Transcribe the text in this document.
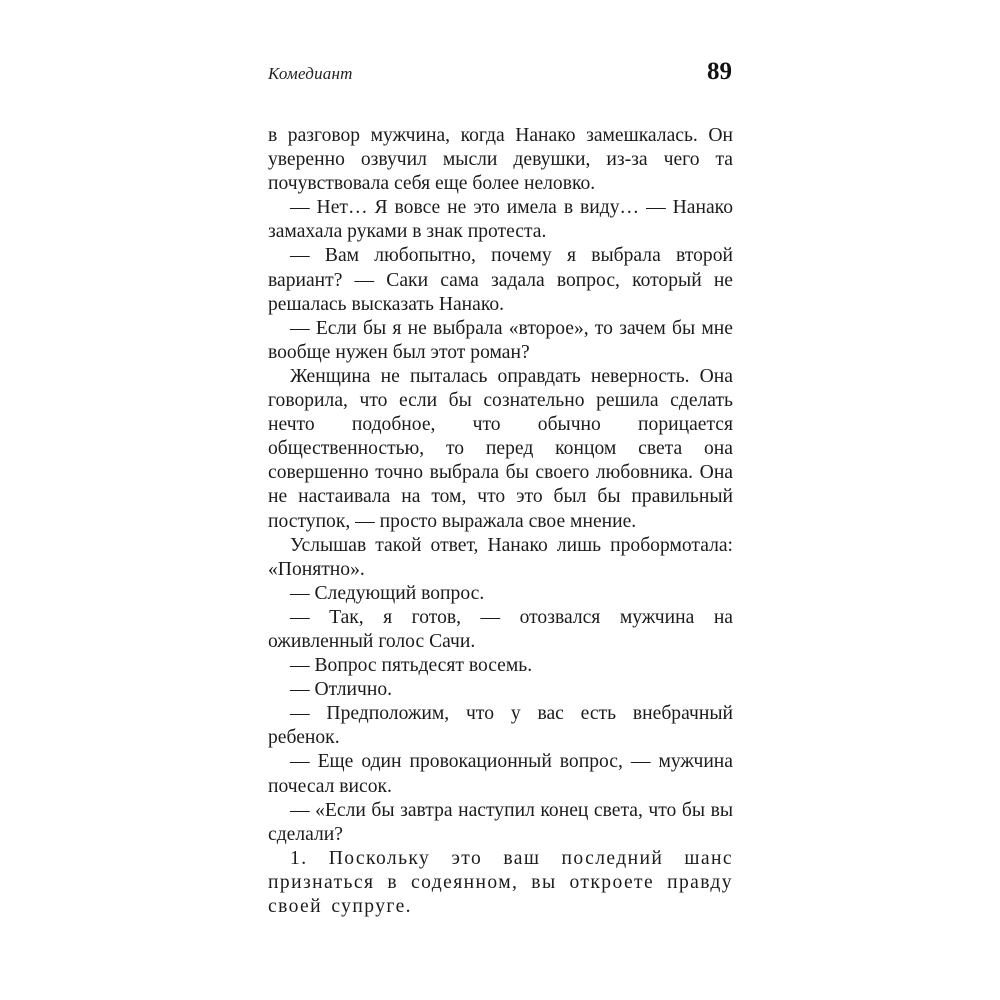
Комедиант	89

в разговор мужчина, когда Нанако замешкалась. Он уверенно озвучил мысли девушки, из-за чего та почувствовала себя еще более неловко.

— Нет… Я вовсе не это имела в виду… — Нанако замахала руками в знак протеста.

— Вам любопытно, почему я выбрала второй вариант? — Саки сама задала вопрос, который не решалась высказать Нанако.

— Если бы я не выбрала «второе», то зачем бы мне вообще нужен был этот роман?

Женщина не пыталась оправдать неверность. Она говорила, что если бы сознательно решила сделать нечто подобное, что обычно порицается общественностью, то перед концом света она совершенно точно выбрала бы своего любовника. Она не настаивала на том, что это был бы правильный поступок, — просто выражала свое мнение.

Услышав такой ответ, Нанако лишь пробормотала: «Понятно».

— Следующий вопрос.

— Так, я готов, — отозвался мужчина на оживленный голос Сачи.

— Вопрос пятьдесят восемь.

— Отлично.

— Предположим, что у вас есть внебрачный ребенок.

— Еще один провокационный вопрос, — мужчина почесал висок.

— «Если бы завтра наступил конец света, что бы вы сделали?

1. Поскольку это ваш последний шанс признаться в содеянном, вы откроете правду своей супруге.
